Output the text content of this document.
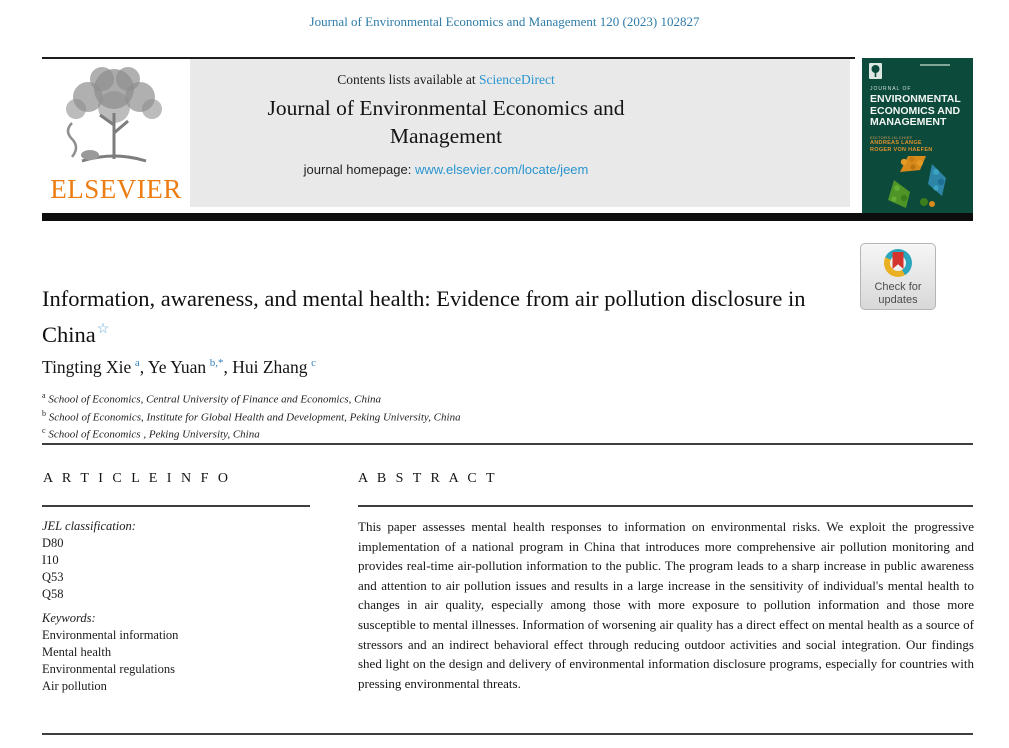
Journal of Environmental Economics and Management 120 (2023) 102827
Contents lists available at ScienceDirect
Journal of Environmental Economics and
Management
journal homepage: www.elsevier.com/locate/jeem
ELSEVIER
JOURNAL OF
ENVIRONMENTAL
ECONOMICS AND
MANAGEMENT
EDITORS-IN-CHIEF
ANDREAS LANGE
ROGER VON HAEFEN
Check for
updates
Information, awareness, and mental health: Evidence from air pollution disclosure in China☆
Tingting Xie  $^a$, Ye Yuan  $^{b,*}$, Hui Zhang  $^c$
$^a$ School of Economics, Central University of Finance and Economics, China
$^b$ School of Economics, Institute for Global Health and Development, Peking University, China
$^c$ School of Economics , Peking University, China
A R T I C L E I N F O
JEL classification:
D80
I10
Q53
Q58
Keywords:
Environmental information
Mental health
Environmental regulations
Air pollution
A B S T R A C T
This paper assesses mental health responses to information on environmental risks. We exploit the progressive implementation of a national program in China that introduces more comprehensive air pollution monitoring and provides real-time air-pollution information to the public. The program leads to a sharp increase in public awareness and attention to air pollution issues and results in a large increase in the sensitivity of individual's mental health to changes in air quality, especially among those with more exposure to pollution information and those more susceptible to mental illnesses. Information of worsening air quality has a direct effect on mental health as a source of stressors and an indirect behavioral effect through reducing outdoor activities and social integration. Our findings shed light on the design and delivery of environmental information disclosure programs, especially for countries with pressing environmental threats.
